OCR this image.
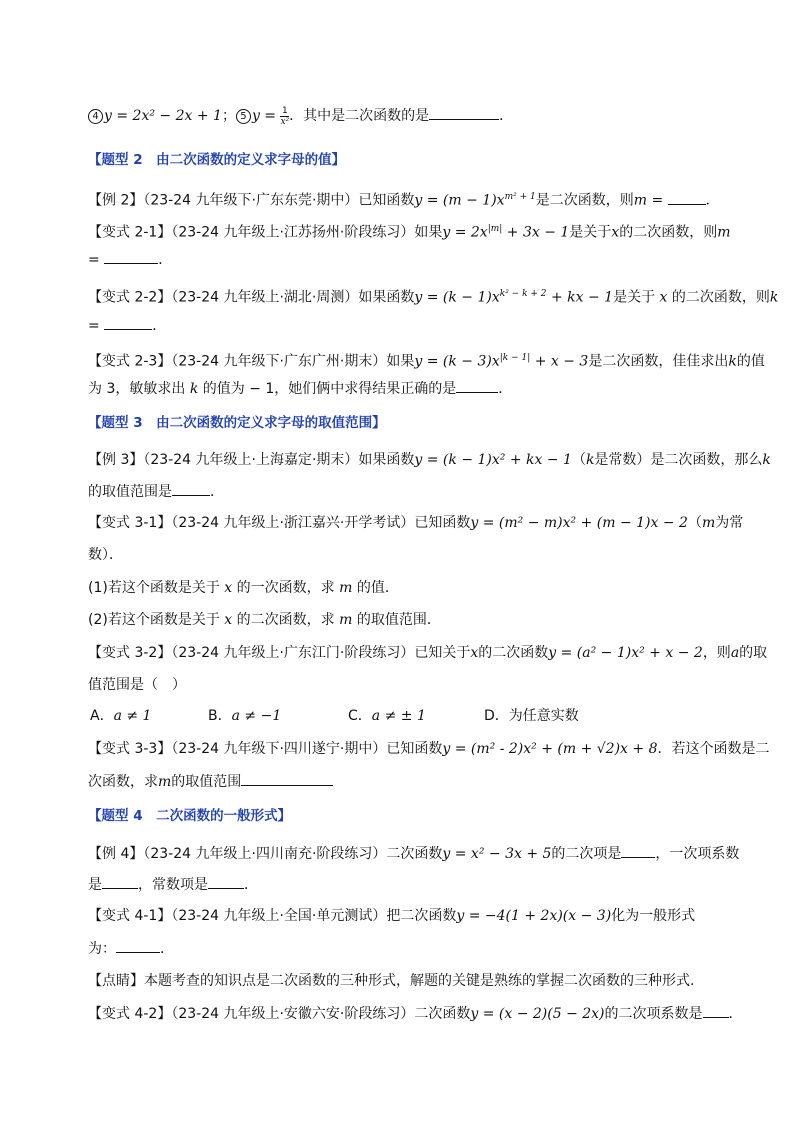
4 y = 2x² − 2x + 1； 5 $y = \frac{1}{\text{x²}}$ ．其中是二次函数的是	．
【题型 2　由二次函数的定义求字母的值】
【例 2】（23-24 九年级下·广东东莞·期中）已知函数$y = (m - 1)x^{m^2 + 1}$是二次函数，则m =	．
【变式 2-1】（23-24 九年级上·江苏扬州·阶段练习）如果$y = 2x^{|m|} + 3x - 1$是关于x的二次函数，则m
=	．
【变式 2-2】（23-24 九年级上·湖北·周测）如果函数$y = (k - 1)x^{k^2 - k + 2}$ + kx − 1是关于 x 的二次函数，则k
=	．
【变式 2-3】（23-24 九年级下·广东广州·期末）如果$y = (k - 3)x^{|k - 1|} + x - 3$是二次函数，佳佳求出k的值
为 3，敏敏求出 k 的值为 − 1，她们俩中求得结果正确的是	．
【题型 3　由二次函数的定义求字母的取值范围】
【例 3】（23-24 九年级上·上海嘉定·期末）如果函数y = (k − 1)x² + kx − 1（k是常数）是二次函数，那么k
的取值范围是	．
【变式 3-1】（23-24 九年级上·浙江嘉兴·开学考试）已知函数y = (m² − m)x² + (m − 1)x − 2（m为常
数）．
(1)若这个函数是关于 x 的一次函数，求 m 的值．
(2)若这个函数是关于 x 的二次函数，求 m 的取值范围．
【变式 3-2】（23-24 九年级上·广东江门·阶段练习）已知关于x的二次函数y = (a² − 1)x² + x − 2，则a的取
值范围是（　）
A．a ≠ 1	B．a ≠ −1	C．a ≠ ± 1	D．为任意实数
【变式 3-3】（23-24 九年级下·四川遂宁·期中）已知函数y = (m² - 2)x² + (m + √2)x + 8．若这个函数是二
次函数，求m的取值范围
【题型 4　二次函数的一般形式】
【例 4】（23-24 九年级上·四川南充·阶段练习）二次函数y = x² − 3x + 5的二次项是 ，一次项系数
是	，常数项是	．
【变式 4-1】（23-24 九年级上·全国·单元测试）把二次函数y = −4(1 + 2x)(x − 3)化为一般形式
为：	．
【点睛】本题考查的知识点是二次函数的三种形式，解题的关键是熟练的掌握二次函数的三种形式.
【变式 4-2】（23-24 九年级上·安徽六安·阶段练习）二次函数y = (x − 2)(5 − 2x)的二次项系数是 ．
